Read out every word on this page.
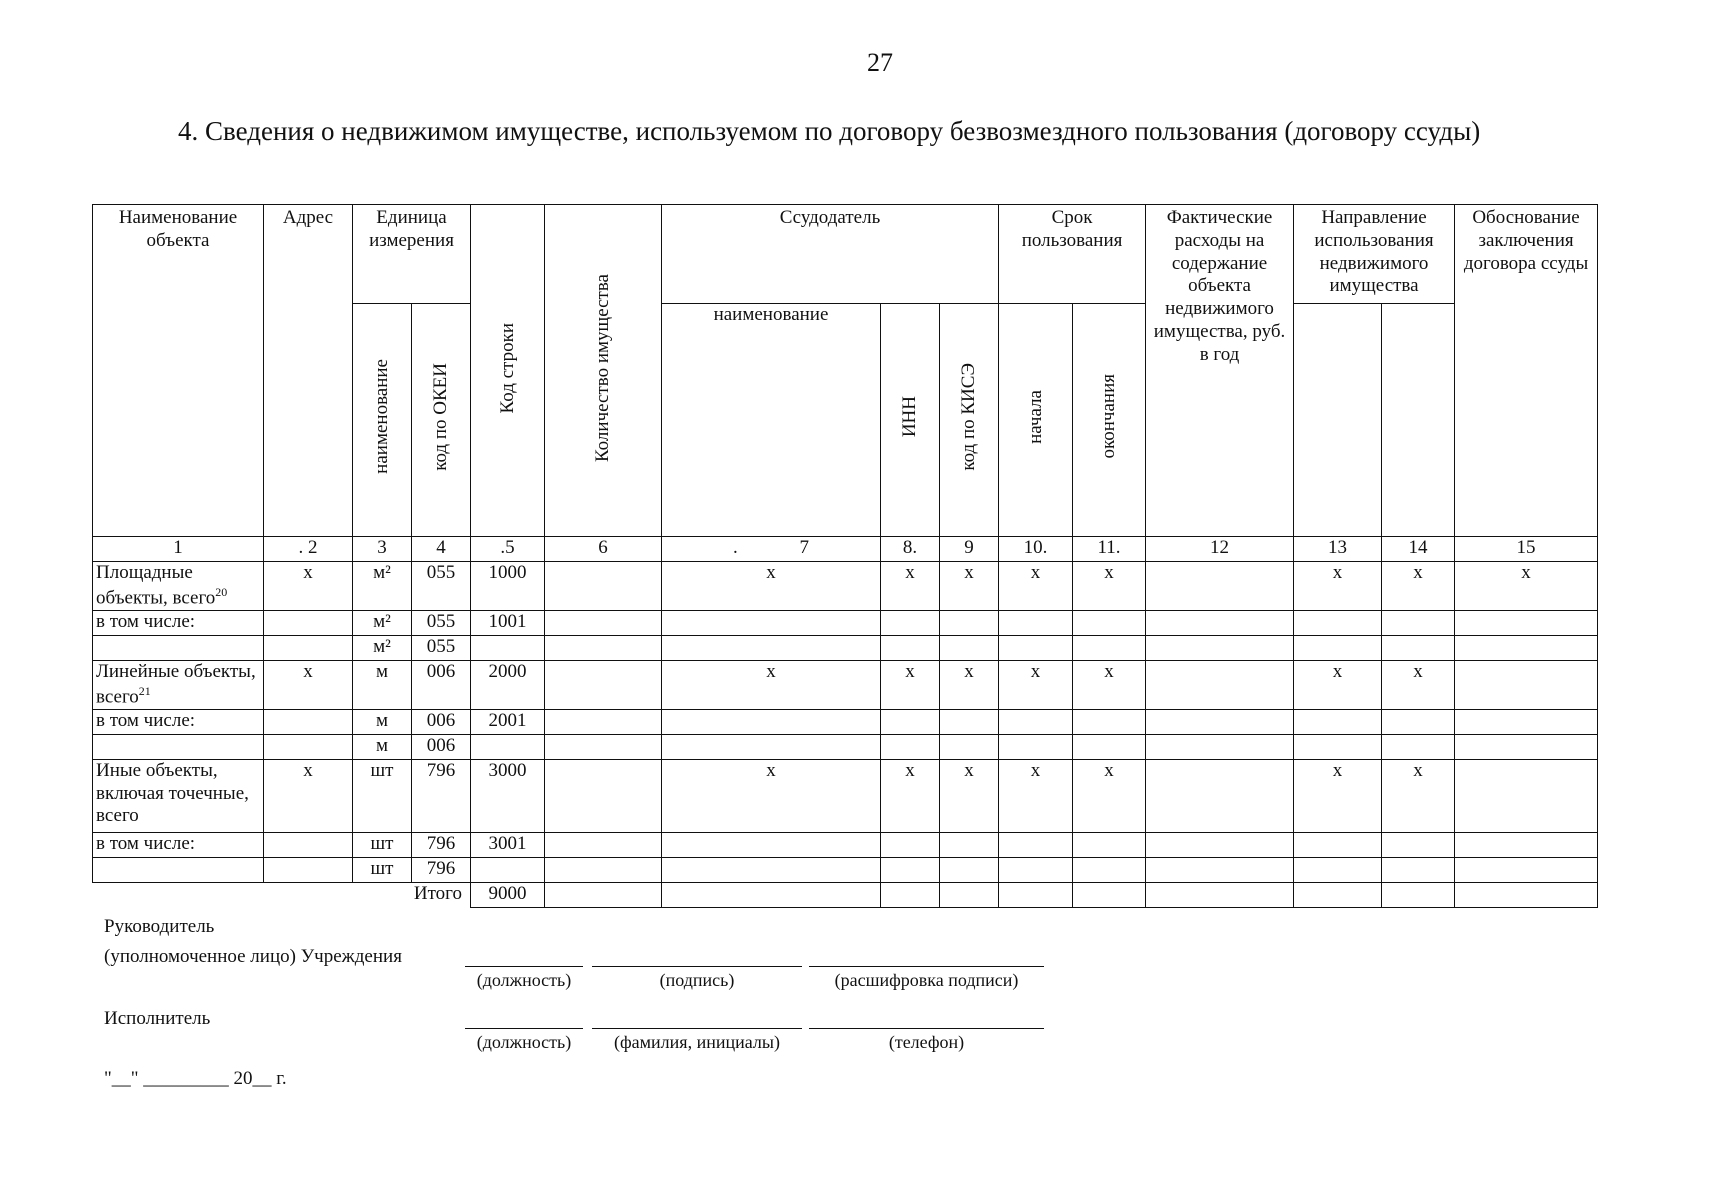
27
4. Сведения о недвижимом имуществе, используемом по договору безвозмездного пользования (договору ссуды)
Наименование объекта	Адрес	Единица измерения		Код строки	Количество имущества	Ссудодатель			Срок пользования		Фактические расходы на содержание объекта недвижимого имущества, руб. в год	Направление использования недвижимого имущества		Обоснование заключения договора ссуды
		наименование	код по ОКЕИ			наименование	ИНН	код по КИСЭ	начала	окончания		
1	. 2	3	4	.5	6	.             7	8.	9	10.	11.	12	13	14	15
Площадные объекты, всего$^{20}$	x	м²	055	1000		x	x	x	x	x		x	x	x
в том числе:		м²	055	1001										
		м²	055											
Линейные объекты, всего$^{21}$	x	м	006	2000		x	x	x	x	x		x	x	
в том числе:		м	006	2001										
		м	006											
Иные объекты, включая точечные, всего	x	шт	796	3000		x	x	x	x	x		x	x	
в том числе:		шт	796	3001										
		шт	796											
Итого				9000										
Руководитель
(уполномоченное лицо) Учреждения
(должность)	(подпись)	(расшифровка подписи)
Исполнитель
(должность)	(фамилия, инициалы)	(телефон)
"__" _________ 20__ г.
